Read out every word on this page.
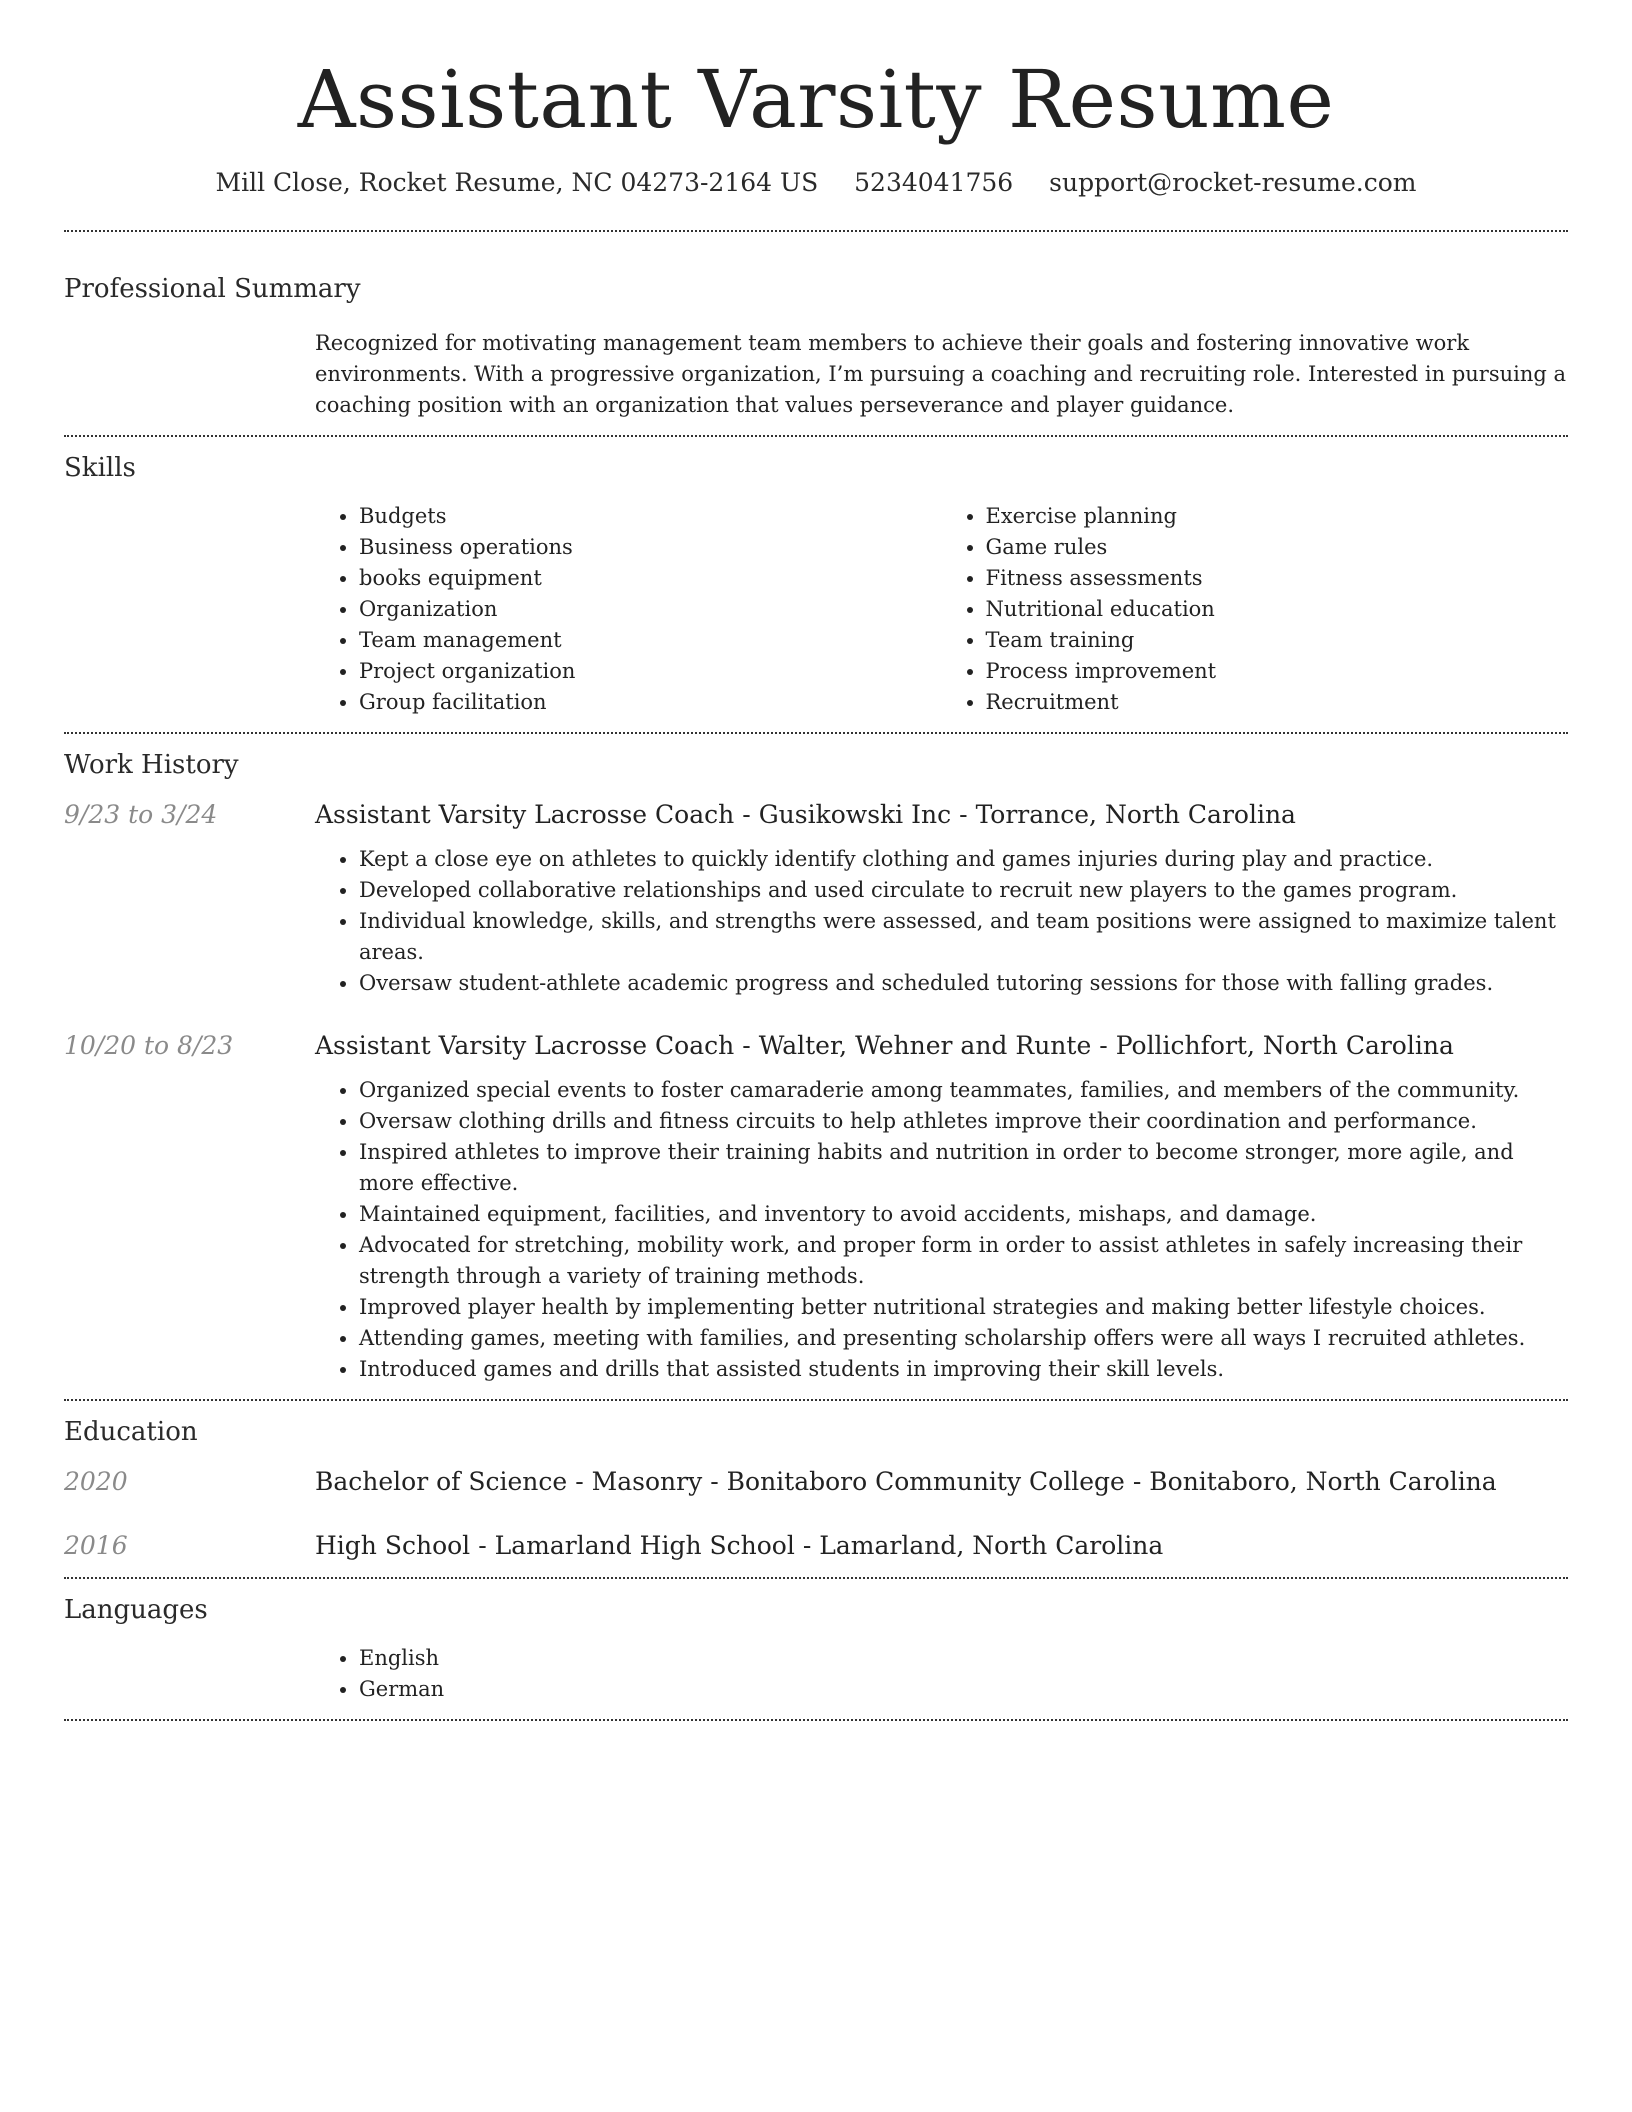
Assistant Varsity Resume
Mill Close, Rocket Resume, NC 04273-2164 US 5234041756 support@rocket-resume.com
Professional Summary

Recognized for motivating management team members to achieve their goals and fostering innovative work environments. With a progressive organization, I’m pursuing a coaching and recruiting role. Interested in pursuing a coaching position with an organization that values perseverance and player guidance.

Skills
• Budgets
• Business operations
• books equipment
• Organization
• Team management
• Project organization
• Group facilitation
• Exercise planning
• Game rules
• Fitness assessments
• Nutritional education
• Team training
• Process improvement
• Recruitment
Work History
9/23 to 3/24	Assistant Varsity Lacrosse Coach - Gusikowski Inc - Torrance, North Carolina
• Kept a close eye on athletes to quickly identify clothing and games injuries during play and practice.
• Developed collaborative relationships and used circulate to recruit new players to the games program.
• Individual knowledge, skills, and strengths were assessed, and team positions were assigned to maximize talent areas.
• Oversaw student-athlete academic progress and scheduled tutoring sessions for those with falling grades.
10/20 to 8/23	Assistant Varsity Lacrosse Coach - Walter, Wehner and Runte - Pollichfort, North Carolina
• Organized special events to foster camaraderie among teammates, families, and members of the community.
• Oversaw clothing drills and fitness circuits to help athletes improve their coordination and performance.
• Inspired athletes to improve their training habits and nutrition in order to become stronger, more agile, and more effective.
• Maintained equipment, facilities, and inventory to avoid accidents, mishaps, and damage.
• Advocated for stretching, mobility work, and proper form in order to assist athletes in safely increasing their strength through a variety of training methods.
• Improved player health by implementing better nutritional strategies and making better lifestyle choices.
• Attending games, meeting with families, and presenting scholarship offers were all ways I recruited athletes.
• Introduced games and drills that assisted students in improving their skill levels.
Education
2020	Bachelor of Science - Masonry - Bonitaboro Community College - Bonitaboro, North Carolina
2016	High School - Lamarland High School - Lamarland, North Carolina
Languages
• English
• German
